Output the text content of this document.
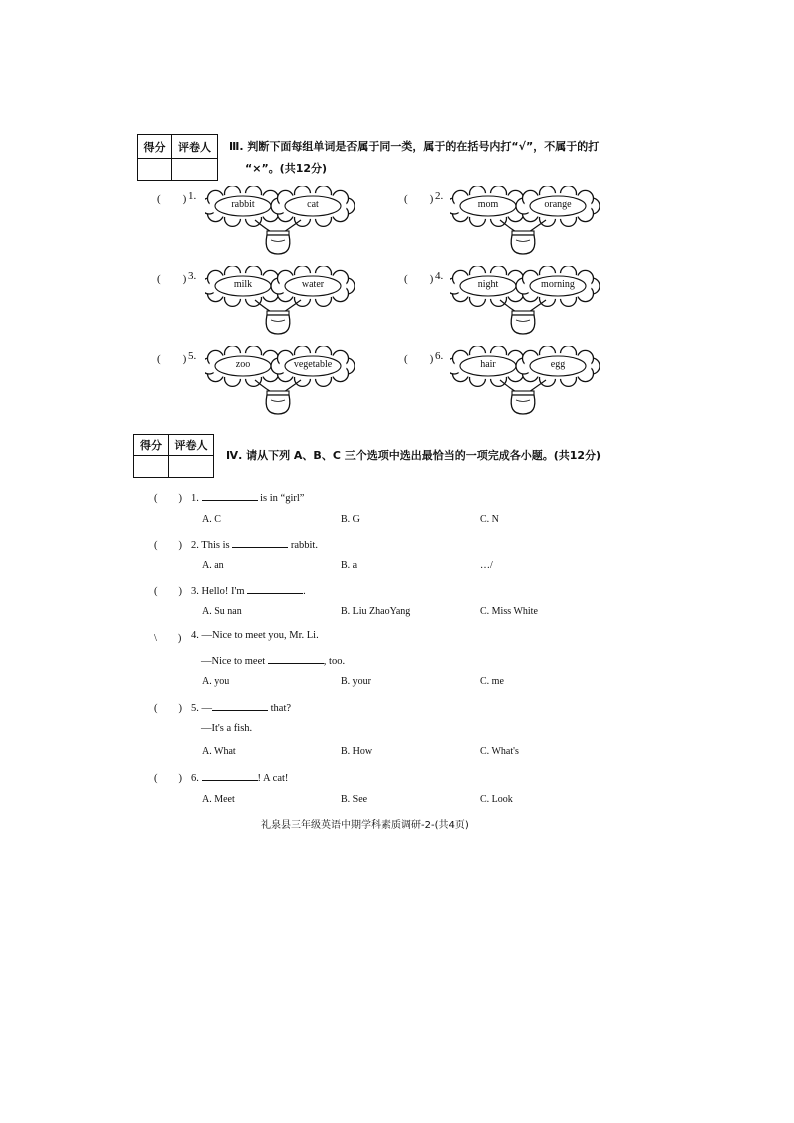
得分	评卷人
	Ⅲ. 判断下面每组单词是否属于同一类，属于的在括号内打“√”，不属于的打
“×”。(共12分)
(　　) 1.
rabbit	cat	(　　) 2.
mom	orange
(　　) 3.
milk	water	(　　) 4.
night	morning
(　　) 5.
zoo	vegetable	(　　) 6.
hair	egg
得分	评卷人

Ⅳ. 请从下列 A、B、C 三个选项中选出最恰当的一项完成各小题。(共12分)
(　　) 1.	is in “girl”
A. C	B. G	C. N
(　　) 2. This is	rabbit.
A. an	B. a	…/
(　　) 3. Hello! I'm	.
A. Su nan	B. Liu ZhaoYang	C. Miss White
\　　) 4. —Nice to meet you, Mr. Li.
—Nice to meet	, too.
A. you	B. your	C. me
(　　) 5. —	that?
—It's a fish.
A. What	B. How	C. What's
(　　) 6.	! A cat!
A. Meet	B. See	C. Look
礼泉县三年级英语中期学科素质调研-2-(共4页)
